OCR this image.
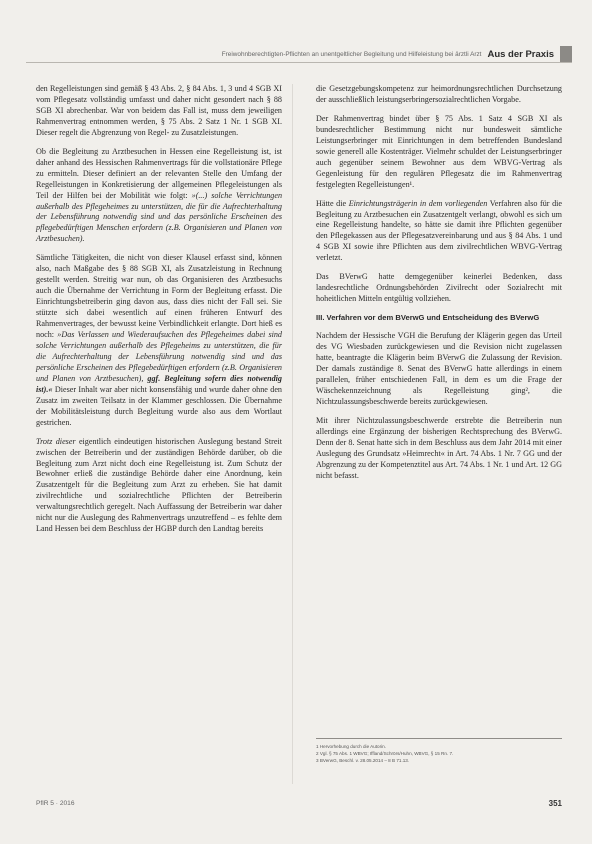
Freiwohnberechtigten-Pflichten an unentgeltlicher Begleitung und Hilfeleistung bei ärztli Arzt Aus der Praxis

den Regelleistungen sind gemäß § 43 Abs. 2, § 84 Abs. 1, 3 und 4 SGB XI vom Pflegesatz vollständig umfasst und daher nicht gesondert nach § 88 SGB XI abrechenbar. War von beidem das Fall ist, muss dem jeweiligen Rahmenvertrag entnommen werden, § 75 Abs. 2 Satz 1 Nr. 1 SGB XI. Dieser regelt die Abgrenzung von Regel- zu Zusatzleistungen.

Ob die Begleitung zu Arztbesuchen in Hessen eine Regelleistung ist, ist daher anhand des Hessischen Rahmenvertrags für die vollstationäre Pflege zu ermitteln. Dieser definiert an der relevanten Stelle den Umfang der Regelleistungen in Konkretisierung der allgemeinen Pflegeleistungen als Teil der Hilfen bei der Mobilität wie folgt: »(...) solche Verrichtungen außerhalb des Pflegeheimes zu unterstützen, die für die Aufrechterhaltung der Lebensführung notwendig sind und das persönliche Erscheinen des pflegebedürftigen Menschen erfordern (z.B. Organisieren und Planen von Arztbesuchen).

Sämtliche Tätigkeiten, die nicht von dieser Klausel erfasst sind, können also, nach Maßgabe des § 88 SGB XI, als Zusatzleistung in Rechnung gestellt werden. Streitig war nun, ob das Organisieren des Arztbesuchs auch die Übernahme der Verrichtung in Form der Begleitung erfasst. Die Einrichtungsbetreiberin ging davon aus, dass dies nicht der Fall sei. Sie stützte sich dabei wesentlich auf einen früheren Entwurf des Rahmenvertrages, der bewusst keine Verbindlichkeit erlangte. Dort hieß es noch: »Das Verlassen und Wiederaufsuchen des Pflegeheimes dabei sind solche Verrichtungen außerhalb des Pflegeheims zu unterstützen, die für die Aufrechterhaltung der Lebensführung notwendig sind und das persönliche Erscheinen des Pflegebedürftigen erfordern (z.B. Organisieren und Planen von Arztbesuchen), ggf. Begleitung sofern dies notwendig ist).« Dieser Inhalt war aber nicht konsensfähig und wurde daher ohne den Zusatz im zweiten Teilsatz in der Klammer geschlossen. Die Übernahme der Mobilitätsleistung durch Begleitung wurde also aus dem Wortlaut gestrichen.

Trotz dieser eigentlich eindeutigen historischen Auslegung bestand Streit zwischen der Betreiberin und der zuständigen Behörde darüber, ob die Begleitung zum Arzt nicht doch eine Regelleistung ist. Zum Schutz der Bewohner erließ die zuständige Behörde daher eine Anordnung, kein Zusatzentgelt für die Begleitung zum Arzt zu erheben. Sie hat damit zivilrechtliche und sozialrechtliche Pflichten der Betreiberin verwaltungsrechtlich geregelt. Nach Auffassung der Betreiberin war daher nicht nur die Auslegung des Rahmenvertrags unzutreffend – es fehlte dem Land Hessen bei dem Beschluss der HGBP durch den Landtag bereits

die Gesetzgebungskompetenz zur heimordnungsrechtlichen Durchsetzung der ausschließlich leistungserbringersozialrechtlichen Vorgabe.

Der Rahmenvertrag bindet über § 75 Abs. 1 Satz 4 SGB XI als bundesrechtlicher Bestimmung nicht nur bundesweit sämtliche Leistungserbringer mit Einrichtungen in dem betreffenden Bundesland sowie generell alle Kostenträger. Vielmehr schuldet der Leistungserbringer auch gegenüber seinem Bewohner aus dem WBVG-Vertrag als Gegenleistung für den regulären Pflegesatz die im Rahmenvertrag festgelegten Regelleistungen¹.

Hätte die Einrichtungsträgerin in dem vorliegenden Verfahren also für die Begleitung zu Arztbesuchen ein Zusatzentgelt verlangt, obwohl es sich um eine Regelleistung handelte, so hätte sie damit ihre Pflichten gegenüber den Pflegekassen aus der Pflegesatzvereinbarung und aus § 84 Abs. 1 und 4 SGB XI sowie ihre Pflichten aus dem zivilrechtlichen WBVG-Vertrag verletzt.

Das BVerwG hatte demgegenüber keinerlei Bedenken, dass landesrechtliche Ordnungsbehörden Zivilrecht oder Sozialrecht mit hoheitlichen Mitteln entgültig vollziehen.

III. Verfahren vor dem BVerwG und Entscheidung des BVerwG

Nachdem der Hessische VGH die Berufung der Klägerin gegen das Urteil des VG Wiesbaden zurückgewiesen und die Revision nicht zugelassen hatte, beantragte die Klägerin beim BVerwG die Zulassung der Revision. Der damals zuständige 8. Senat des BVerwG hatte allerdings in einem parallelen, früher entschiedenen Fall, in dem es um die Frage der Wäschekennzeichnung als Regelleistung ging², die Nichtzulassungsbeschwerde bereits zurückgewiesen.

Mit ihrer Nichtzulassungsbeschwerde erstrebte die Betreiberin nun allerdings eine Ergänzung der bisherigen Rechtsprechung des BVerwG. Denn der 8. Senat hatte sich in dem Beschluss aus dem Jahr 2014 mit einer Auslegung des Grundsatz »Heimrecht« in Art. 74 Abs. 1 Nr. 7 GG und der Abgrenzung zu der Kompetenztitel aus Art. 74 Abs. 1 Nr. 1 und Art. 12 GG nicht befasst.

1 Hervorhebung durch die Autorin.
2 Vgl. § 75 Abs. 1 WBVG; Iffland/Schrörs/Huhn, WBVG, § 15 Rn. 7.
3 BVerwG, Beschl. v. 28.05.2014 – 8 B 71.13.
PflR 5 · 2016	351
